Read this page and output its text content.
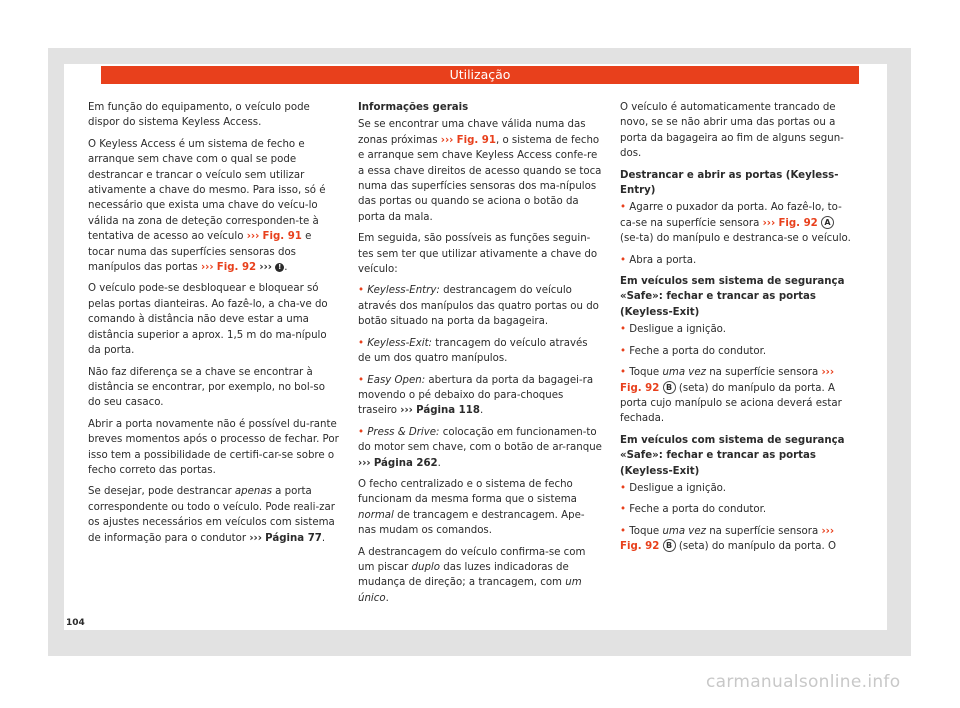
Utilização

Em função do equipamento, o veículo pode dispor do sistema Keyless Access.

O Keyless Access é um sistema de fecho e arranque sem chave com o qual se pode destrancar e trancar o veículo sem utilizar ativamente a chave do mesmo. Para isso, só é necessário que exista uma chave do veícu-lo válida na zona de deteção corresponden-te à tentativa de acesso ao veículo ››› Fig. 91 e tocar numa das superfícies sensoras dos manípulos das portas ››› Fig. 92 ››› ! .

O veículo pode-se desbloquear e bloquear só pelas portas dianteiras. Ao fazê-lo, a cha-ve do comando à distância não deve estar a uma distância superior a aprox. 1,5 m do ma-nípulo da porta.

Não faz diferença se a chave se encontrar à distância se encontrar, por exemplo, no bol-so do seu casaco.

Abrir a porta novamente não é possível du-rante breves momentos após o processo de fechar. Por isso tem a possibilidade de certifi-car-se sobre o fecho correto das portas.

Se desejar, pode destrancar apenas a porta correspondente ou todo o veículo. Pode reali-zar os ajustes necessários em veículos com sistema de informação para o condutor ››› Página 77.

Informações gerais

Se se encontrar uma chave válida numa das zonas próximas ››› Fig. 91, o sistema de fecho e arranque sem chave Keyless Access confe-re a essa chave direitos de acesso quando se toca numa das superfícies sensoras dos ma-nípulos das portas ou quando se aciona o botão da porta da mala.

Em seguida, são possíveis as funções seguin-tes sem ter que utilizar ativamente a chave do veículo:

• Keyless-Entry: destrancagem do veículo através dos manípulos das quatro portas ou do botão situado na porta da bagageira.

• Keyless-Exit: trancagem do veículo através de um dos quatro manípulos.

• Easy Open: abertura da porta da bagagei-ra movendo o pé debaixo do para-choques traseiro ››› Página 118.

• Press & Drive: colocação em funcionamen-to do motor sem chave, com o botão de ar-ranque ››› Página 262.

O fecho centralizado e o sistema de fecho funcionam da mesma forma que o sistema normal de trancagem e destrancagem. Ape-nas mudam os comandos.

A destrancagem do veículo confirma-se com um piscar duplo das luzes indicadoras de mudança de direção; a trancagem, com um único.

O veículo é automaticamente trancado de novo, se se não abrir uma das portas ou a porta da bagageira ao fim de alguns segun-dos.

Destrancar e abrir as portas (Keyless-Entry)

• Agarre o puxador da porta. Ao fazê-lo, to-ca-se na superfície sensora ››› Fig. 92 A (se-ta) do manípulo e destranca-se o veículo.

• Abra a porta.

Em veículos sem sistema de segurança «Safe»: fechar e trancar as portas (Keyless-Exit)

• Desligue a ignição.

• Feche a porta do condutor.

• Toque uma vez na superfície sensora ››› Fig. 92 B (seta) do manípulo da porta. A porta cujo manípulo se aciona deverá estar fechada.

Em veículos com sistema de segurança «Safe»: fechar e trancar as portas (Keyless-Exit)

• Desligue a ignição.

• Feche a porta do condutor.

• Toque uma vez na superfície sensora ››› Fig. 92 B (seta) do manípulo da porta. O

104
carmanualsonline.info
